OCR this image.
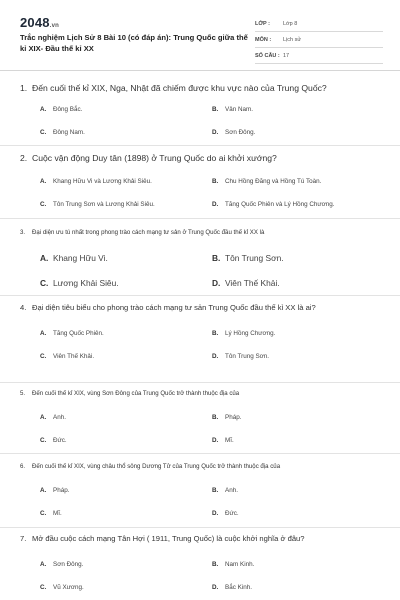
2048.vn
Trắc nghiệm Lịch Sử 8 Bài 10 (có đáp án): Trung Quốc giữa thế kỉ XIX- Đầu thế kỉ XX
LỚP :	Lớp 8
MÔN :	Lịch sử
SỐ CÂU : 17
1. Đến cuối thế kỉ XIX, Nga, Nhật đã chiếm được khu vực nào của Trung Quốc?
A.	Đông Bắc.	B.	Vân Nam.
C.	Đông Nam.	D.	Sơn Đông.
2. Cuộc vận động Duy tân (1898) ở Trung Quốc do ai khởi xướng?
A.	Khang Hữu Vi và Lương Khải Siêu.	B.	Chu Hồng Đăng và Hồng Tú Toàn.
C.	Tôn Trung Sơn và Lương Khải Siêu.	D.	Tăng Quốc Phiên và Lý Hồng Chương.
3.	Đại diện ưu tú nhất trong phong trào cách mạng tư sản ở Trung Quốc đầu thế kỉ XX là
A. Khang Hữu Vi.	B. Tôn Trung Sơn.
C. Lương Khải Siêu.	D. Viên Thế Khải.
4. Đại diện tiêu biểu cho phong trào cách mạng tư sản Trung Quốc đầu thế kỉ XX là ai?
A.	Tăng Quốc Phiên.	B.	Lý Hồng Chương.
C.	Viên Thế Khải.	D.	Tôn Trung Sơn.
5.	Đến cuối thế kỉ XIX, vùng Sơn Đông của Trung Quốc trở thành thuộc địa của
A.	Anh.	B.	Pháp.
C.	Đức.	D.	Mĩ.
6.	Đến cuối thế kỉ XIX, vùng châu thổ sông Dương Tử của Trung Quốc trở thành thuộc địa của
A.	Pháp.	B.	Anh.
C.	Mĩ.	D.	Đức.
7. Mở đầu cuộc cách mạng Tân Hợi ( 1911, Trung Quốc) là cuộc khởi nghĩa ở đâu?
A.	Sơn Đông.	B.	Nam Kinh.
C.	Vũ Xương.	D.	Bắc Kinh.
